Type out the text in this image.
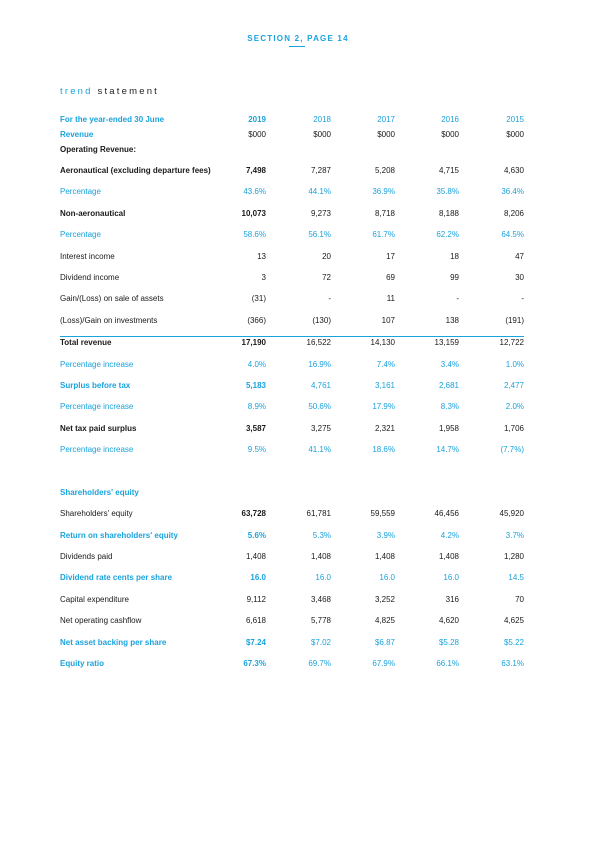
SECTION 2, PAGE 14
trend statement
For the year-ended 30 June	2019	2018	2017	2016	2015
Revenue	$000	$000	$000	$000	$000
Operating Revenue:
Aeronautical (excluding departure fees)	7,498	7,287	5,208	4,715	4,630
Percentage	43.6%	44.1%	36.9%	35.8%	36.4%
Non-aeronautical	10,073	9,273	8,718	8,188	8,206
Percentage	58.6%	56.1%	61.7%	62.2%	64.5%
Interest income	13	20	17	18	47
Dividend income	3	72	69	99	30
Gain/(Loss) on sale of assets	(31)	-	11	-	-
(Loss)/Gain on investments	(366)	(130)	107	138	(191)
Total revenue	17,190	16,522	14,130	13,159	12,722
Percentage increase	4.0%	16.9%	7.4%	3.4%	1.0%
Surplus before tax	5,183	4,761	3,161	2,681	2,477
Percentage increase	8.9%	50.6%	17.9%	8.3%	2.0%
Net tax paid surplus	3,587	3,275	2,321	1,958	1,706
Percentage increase	9.5%	41.1%	18.6%	14.7%	(7.7%)
Shareholders' equity
Shareholders' equity	63,728	61,781	59,559	46,456	45,920
Return on shareholders' equity	5.6%	5.3%	3.9%	4.2%	3.7%
Dividends paid	1,408	1,408	1,408	1,408	1,280
Dividend rate cents per share	16.0	16.0	16.0	16.0	14.5
Capital expenditure	9,112	3,468	3,252	316	70
Net operating cashflow	6,618	5,778	4,825	4,620	4,625
Net asset backing per share	$7.24	$7.02	$6.87	$5.28	$5.22
Equity ratio	67.3%	69.7%	67.9%	66.1%	63.1%
